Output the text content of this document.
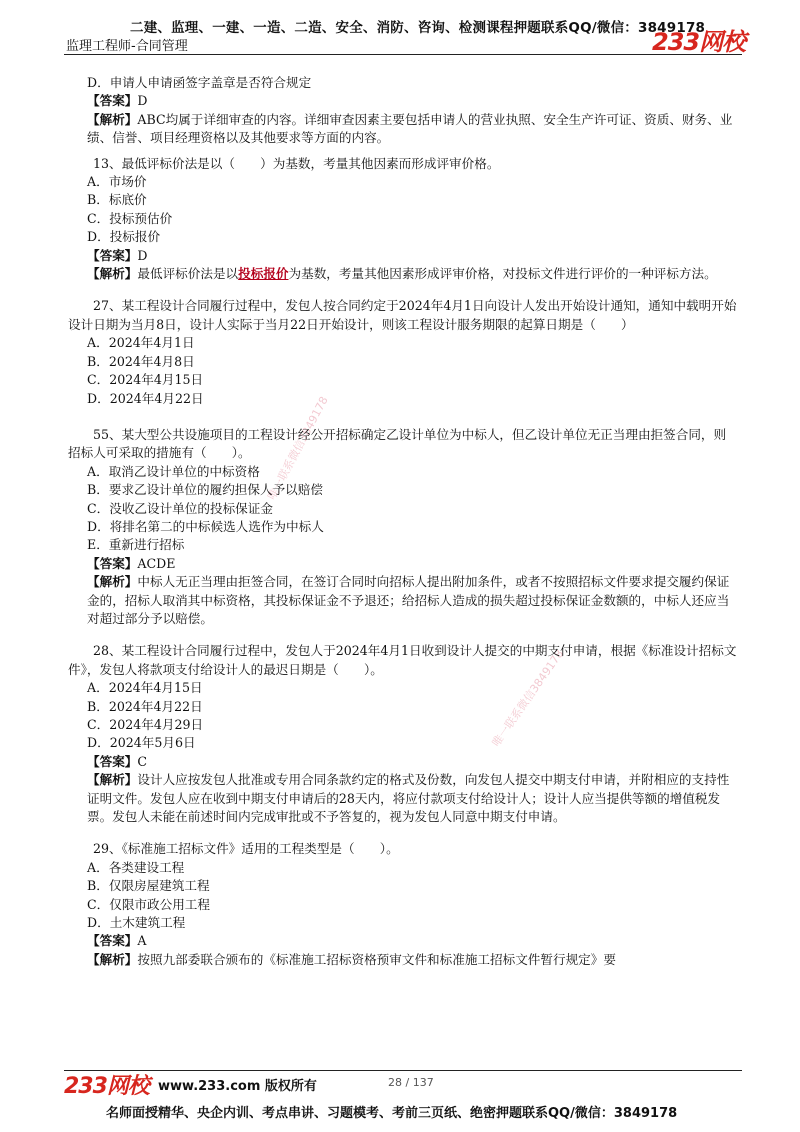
二建、监理、一建、一造、二造、安全、消防、咨询、检测课程押题联系QQ/微信：3849178
监理工程师-合同管理	233网校
唯一联系微信3849178
唯一联系微信3849178

D．申请人申请函签字盖章是否符合规定

【答案】D

【解析】ABC均属于详细审查的内容。详细审查因素主要包括申请人的营业执照、安全生产许可证、资质、财务、业绩、信誉、项目经理资格以及其他要求等方面的内容。

13、最低评标价法是以（　　）为基数，考量其他因素而形成评审价格。

A．市场价

B．标底价

C．投标预估价

D．投标报价

【答案】D

【解析】最低评标价法是以投标报价为基数，考量其他因素形成评审价格，对投标文件进行评价的一种评标方法。

27、某工程设计合同履行过程中，发包人按合同约定于2024年4月1日向设计人发出开始设计通知，通知中载明开始设计日期为当月8日，设计人实际于当月22日开始设计，则该工程设计服务期限的起算日期是（　　）

A．2024年4月1日

B．2024年4月8日

C．2024年4月15日

D．2024年4月22日

55、某大型公共设施项目的工程设计经公开招标确定乙设计单位为中标人，但乙设计单位无正当理由拒签合同，则招标人可采取的措施有（　　）。

A．取消乙设计单位的中标资格

B．要求乙设计单位的履约担保人予以赔偿

C．没收乙设计单位的投标保证金

D．将排名第二的中标候选人选作为中标人

E．重新进行招标

【答案】ACDE

【解析】中标人无正当理由拒签合同，在签订合同时向招标人提出附加条件，或者不按照招标文件要求提交履约保证金的，招标人取消其中标资格，其投标保证金不予退还；给招标人造成的损失超过投标保证金数额的，中标人还应当对超过部分予以赔偿。

28、某工程设计合同履行过程中，发包人于2024年4月1日收到设计人提交的中期支付申请，根据《标准设计招标文件》，发包人将款项支付给设计人的最迟日期是（　　）。

A．2024年4月15日

B．2024年4月22日

C．2024年4月29日

D．2024年5月6日

【答案】C

【解析】设计人应按发包人批准或专用合同条款约定的格式及份数，向发包人提交中期支付申请，并附相应的支持性证明文件。发包人应在收到中期支付申请后的28天内，将应付款项支付给设计人；设计人应当提供等额的增值税发票。发包人未能在前述时间内完成审批或不予答复的，视为发包人同意中期支付申请。

29、《标准施工招标文件》适用的工程类型是（　　）。

A．各类建设工程

B．仅限房屋建筑工程

C．仅限市政公用工程

D．土木建筑工程

【答案】A

【解析】按照九部委联合颁布的《标准施工招标资格预审文件和标准施工招标文件暂行规定》要

233网校 www.233.com 版权所有	28 / 137
名师面授精华、央企内训、考点串讲、习题模考、考前三页纸、绝密押题联系QQ/微信：3849178
